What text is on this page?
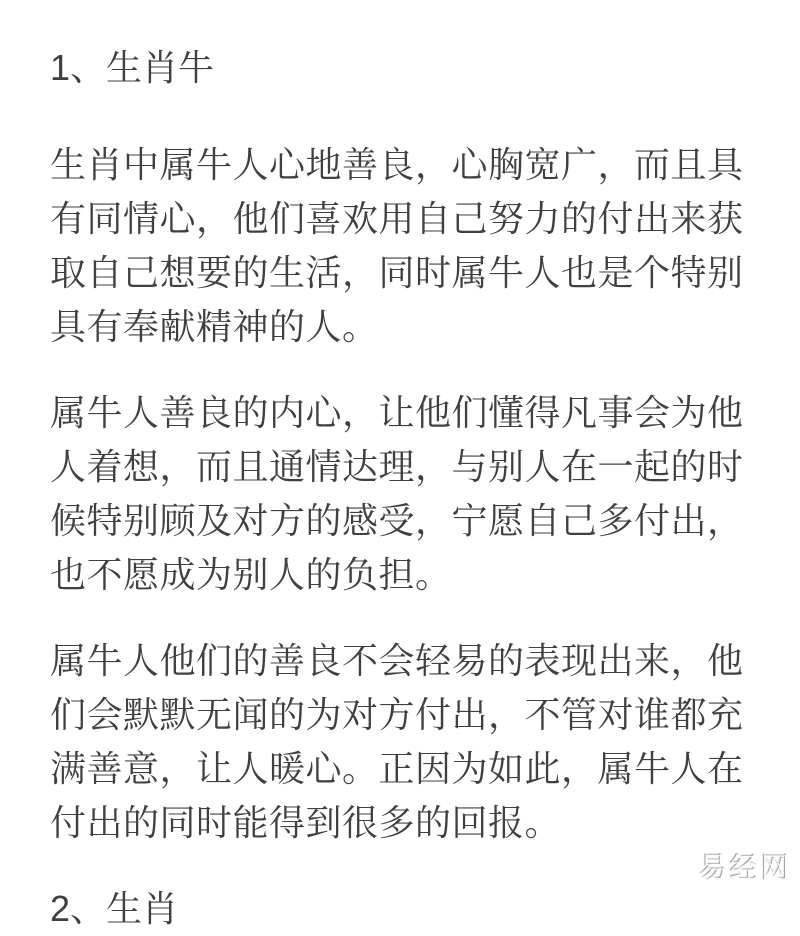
1、生肖牛
生肖中属牛人心地善良，心胸宽广，而且具
有同情心，他们喜欢用自己努力的付出来获
取自己想要的生活，同时属牛人也是个特别
具有奉献精神的人。
属牛人善良的内心，让他们懂得凡事会为他
人着想，而且通情达理，与别人在一起的时
候特别顾及对方的感受，宁愿自己多付出，
也不愿成为别人的负担。
属牛人他们的善良不会轻易的表现出来，他
们会默默无闻的为对方付出，不管对谁都充
满善意，让人暖心。正因为如此，属牛人在
付出的同时能得到很多的回报。
2、生肖
易经网
